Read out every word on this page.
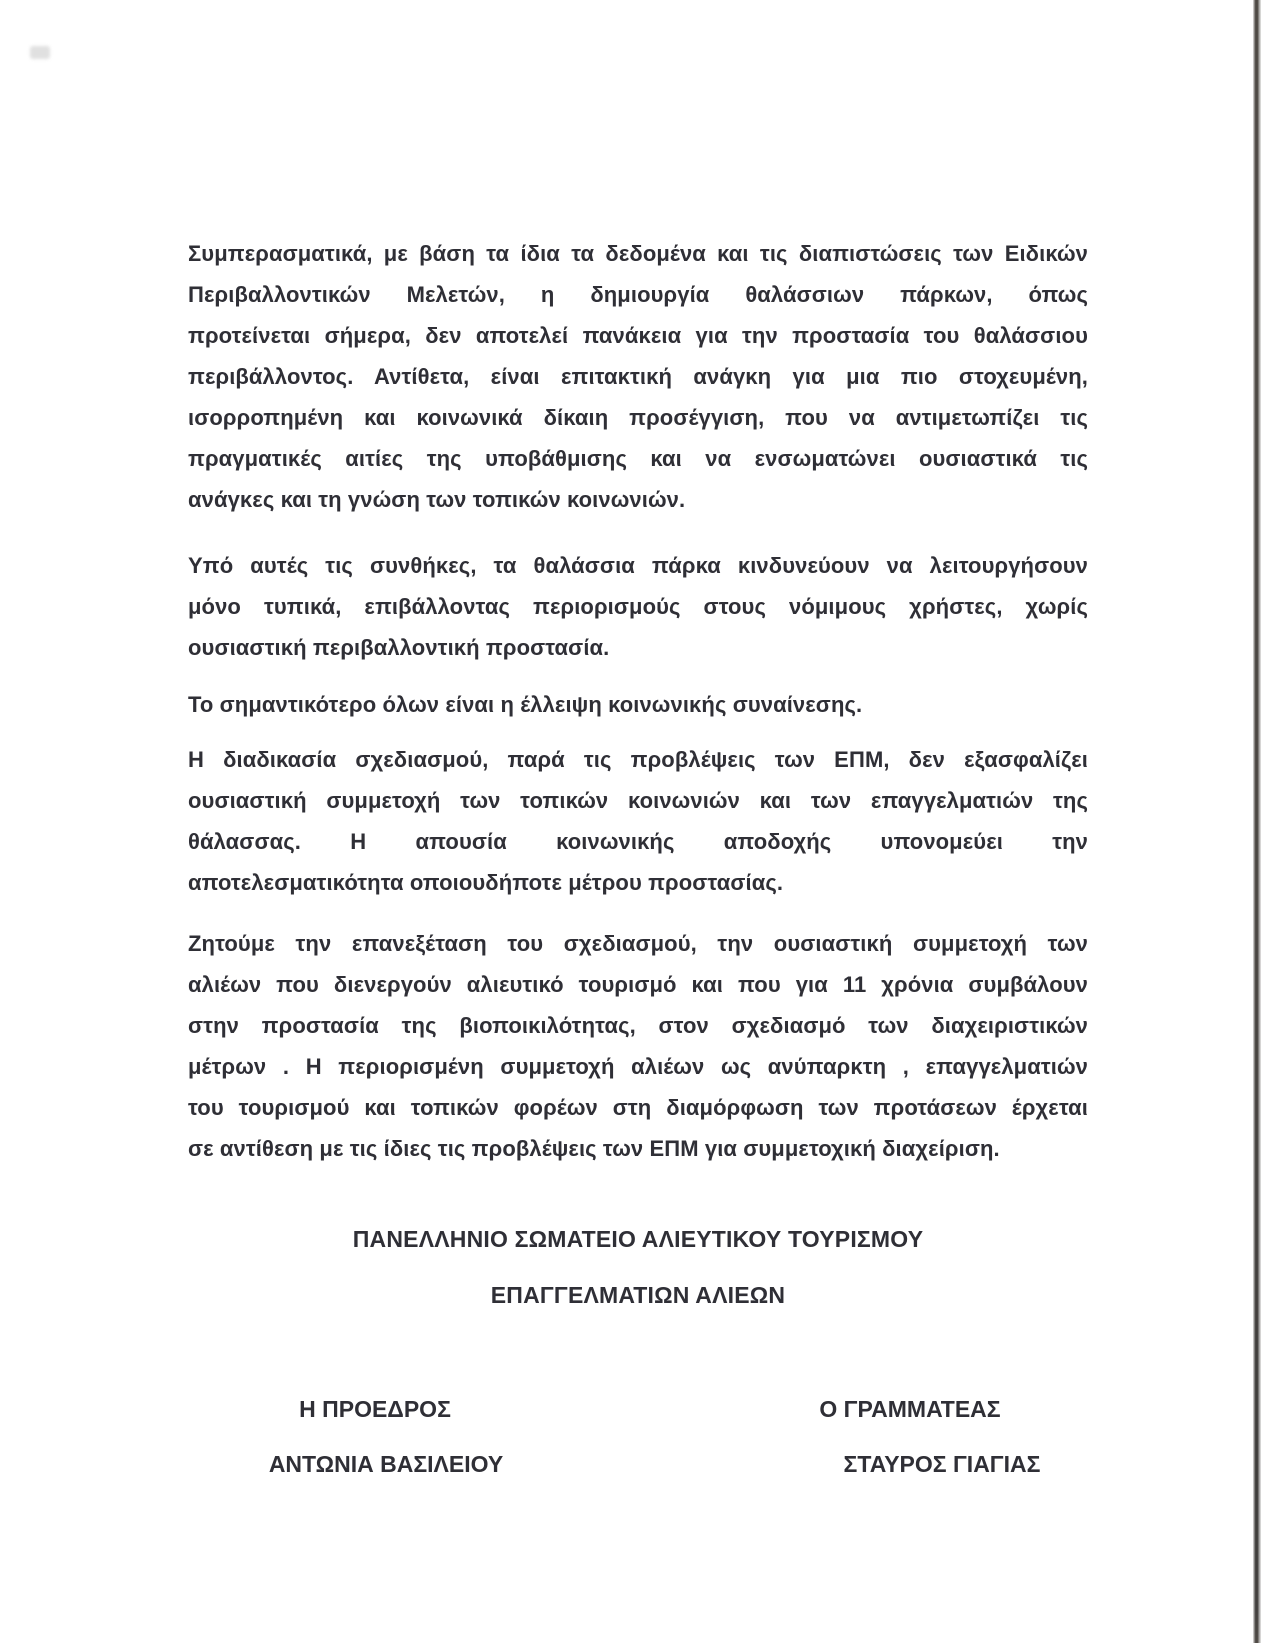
Συμπερασματικά, με βάση τα ίδια τα δεδομένα και τις διαπιστώσεις των Ειδικών
Περιβαλλοντικών Μελετών, η δημιουργία θαλάσσιων πάρκων, όπως
προτείνεται σήμερα, δεν αποτελεί πανάκεια για την προστασία του θαλάσσιου
περιβάλλοντος. Αντίθετα, είναι επιτακτική ανάγκη για μια πιο στοχευμένη,
ισορροπημένη και κοινωνικά δίκαιη προσέγγιση, που να αντιμετωπίζει τις
πραγματικές αιτίες της υποβάθμισης και να ενσωματώνει ουσιαστικά τις
ανάγκες και τη γνώση των τοπικών κοινωνιών.
Υπό αυτές τις συνθήκες, τα θαλάσσια πάρκα κινδυνεύουν να λειτουργήσουν
μόνο τυπικά, επιβάλλοντας περιορισμούς στους νόμιμους χρήστες, χωρίς
ουσιαστική περιβαλλοντική προστασία.
Το σημαντικότερο όλων είναι η έλλειψη κοινωνικής συναίνεσης.
Η διαδικασία σχεδιασμού, παρά τις προβλέψεις των ΕΠΜ, δεν εξασφαλίζει
ουσιαστική συμμετοχή των τοπικών κοινωνιών και των επαγγελματιών της
θάλασσας. Η απουσία κοινωνικής αποδοχής υπονομεύει την
αποτελεσματικότητα οποιουδήποτε μέτρου προστασίας.
Ζητούμε την επανεξέταση του σχεδιασμού, την ουσιαστική συμμετοχή των
αλιέων που διενεργούν αλιευτικό τουρισμό και που για 11 χρόνια συμβάλουν
στην προστασία της βιοποικιλότητας, στον σχεδιασμό των διαχειριστικών
μέτρων . Η περιορισμένη συμμετοχή αλιέων ως ανύπαρκτη , επαγγελματιών
του τουρισμού και τοπικών φορέων στη διαμόρφωση των προτάσεων έρχεται
σε αντίθεση με τις ίδιες τις προβλέψεις των ΕΠΜ για συμμετοχική διαχείριση.
ΠΑΝΕΛΛΗΝΙΟ ΣΩΜΑΤΕΙΟ ΑΛΙΕΥΤΙΚΟΥ ΤΟΥΡΙΣΜΟΥ
ΕΠΑΓΓΕΛΜΑΤΙΩΝ ΑΛΙΕΩΝ
Η ΠΡΟΕΔΡΟΣ
ΑΝΤΩΝΙΑ ΒΑΣΙΛΕΙΟΥ
Ο ΓΡΑΜΜΑΤΕΑΣ
ΣΤΑΥΡΟΣ ΓΙΑΓΙΑΣ
